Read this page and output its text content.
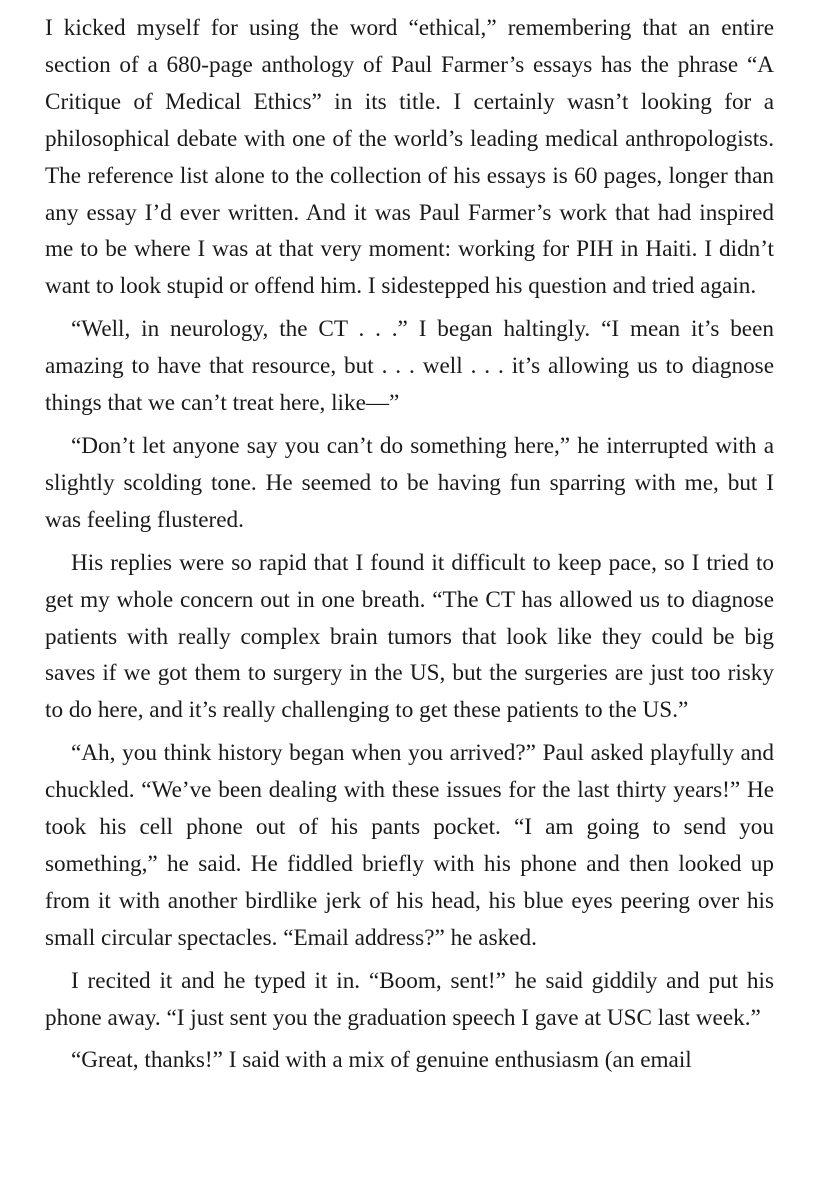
I kicked myself for using the word “ethical,” remembering that an entire section of a 680-page anthology of Paul Farmer’s essays has the phrase “A Critique of Medical Ethics” in its title. I certainly wasn’t looking for a philosophical debate with one of the world’s leading medical anthropologists. The reference list alone to the collection of his essays is 60 pages, longer than any essay I’d ever written. And it was Paul Farmer’s work that had inspired me to be where I was at that very moment: working for PIH in Haiti. I didn’t want to look stupid or offend him. I sidestepped his question and tried again.

“Well, in neurology, the CT . . .” I began haltingly. “I mean it’s been amazing to have that resource, but . . . well . . . it’s allowing us to diagnose things that we can’t treat here, like—”

“Don’t let anyone say you can’t do something here,” he interrupted with a slightly scolding tone. He seemed to be having fun sparring with me, but I was feeling flustered.

His replies were so rapid that I found it difficult to keep pace, so I tried to get my whole concern out in one breath. “The CT has allowed us to diagnose patients with really complex brain tumors that look like they could be big saves if we got them to surgery in the US, but the surgeries are just too risky to do here, and it’s really challenging to get these patients to the US.”

“Ah, you think history began when you arrived?” Paul asked playfully and chuckled. “We’ve been dealing with these issues for the last thirty years!” He took his cell phone out of his pants pocket. “I am going to send you something,” he said. He fiddled briefly with his phone and then looked up from it with another birdlike jerk of his head, his blue eyes peering over his small circular spectacles. “Email address?” he asked.

I recited it and he typed it in. “Boom, sent!” he said giddily and put his phone away. “I just sent you the graduation speech I gave at USC last week.”

“Great, thanks!” I said with a mix of genuine enthusiasm (an email
